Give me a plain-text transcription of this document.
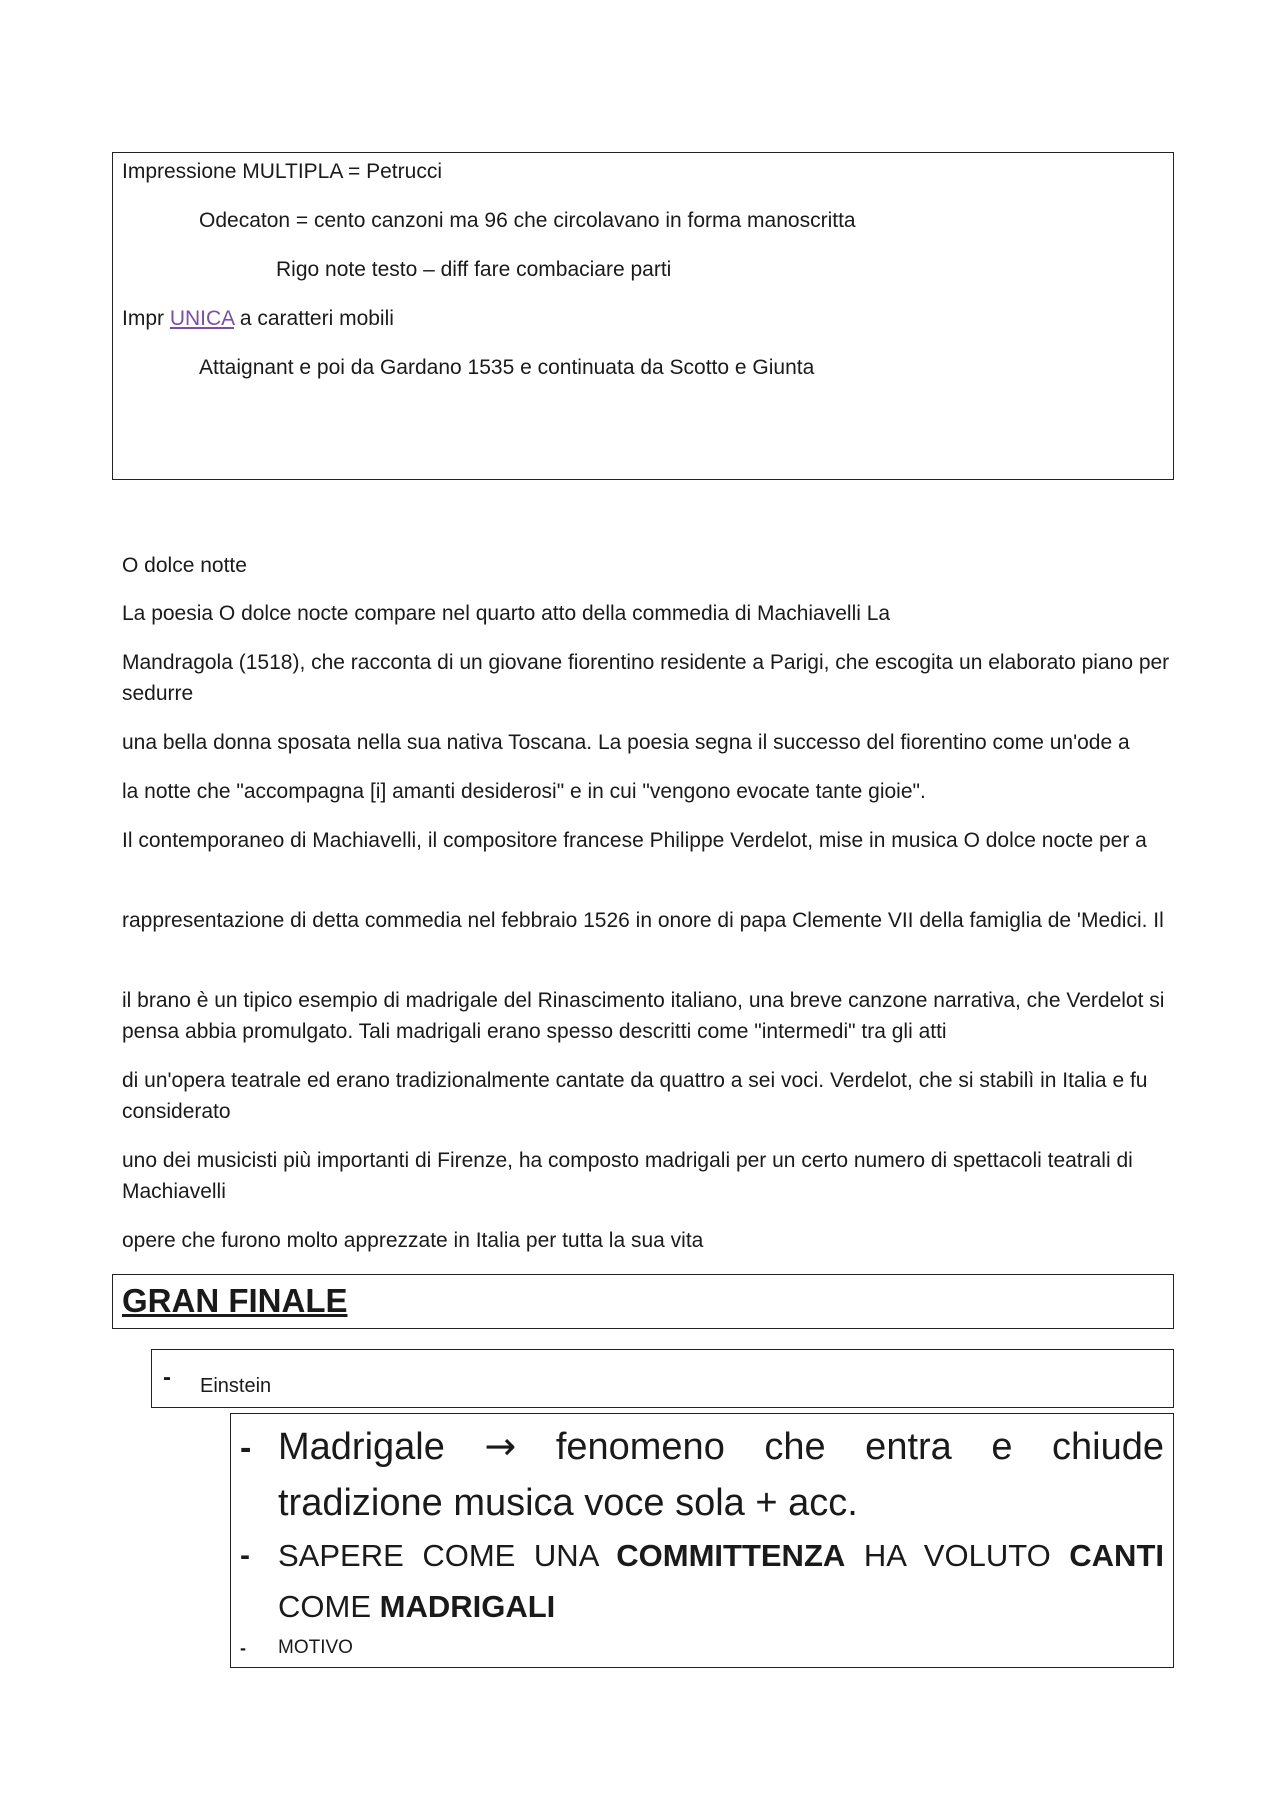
Impressione MULTIPLA = Petrucci
Odecaton = cento canzoni ma 96 che circolavano in forma manoscritta
Rigo note testo – diff fare combaciare parti
Impr UNICA a caratteri mobili
Attaignant e poi da Gardano 1535 e continuata da Scotto e Giunta
O dolce notte
La poesia O dolce nocte compare nel quarto atto della commedia di Machiavelli La
Mandragola (1518), che racconta di un giovane fiorentino residente a Parigi, che escogita un elaborato piano per sedurre
una bella donna sposata nella sua nativa Toscana. La poesia segna il successo del fiorentino come un'ode a
la notte che "accompagna [i] amanti desiderosi" e in cui "vengono evocate tante gioie".
Il contemporaneo di Machiavelli, il compositore francese Philippe Verdelot, mise in musica O dolce nocte per a
rappresentazione di detta commedia nel febbraio 1526 in onore di papa Clemente VII della famiglia de 'Medici. Il
il brano è un tipico esempio di madrigale del Rinascimento italiano, una breve canzone narrativa, che Verdelot si pensa abbia promulgato. Tali madrigali erano spesso descritti come "intermedi" tra gli atti
di un'opera teatrale ed erano tradizionalmente cantate da quattro a sei voci. Verdelot, che si stabilì in Italia e fu considerato
uno dei musicisti più importanti di Firenze, ha composto madrigali per un certo numero di spettacoli teatrali di Machiavelli
opere che furono molto apprezzate in Italia per tutta la sua vita
GRAN FINALE
- Einstein
- Madrigale → fenomeno che entra e chiude
tradizione musica voce sola + acc.
- SAPERE COME UNA COMMITTENZA HA VOLUTO CANTI
COME MADRIGALI
- MOTIVO
